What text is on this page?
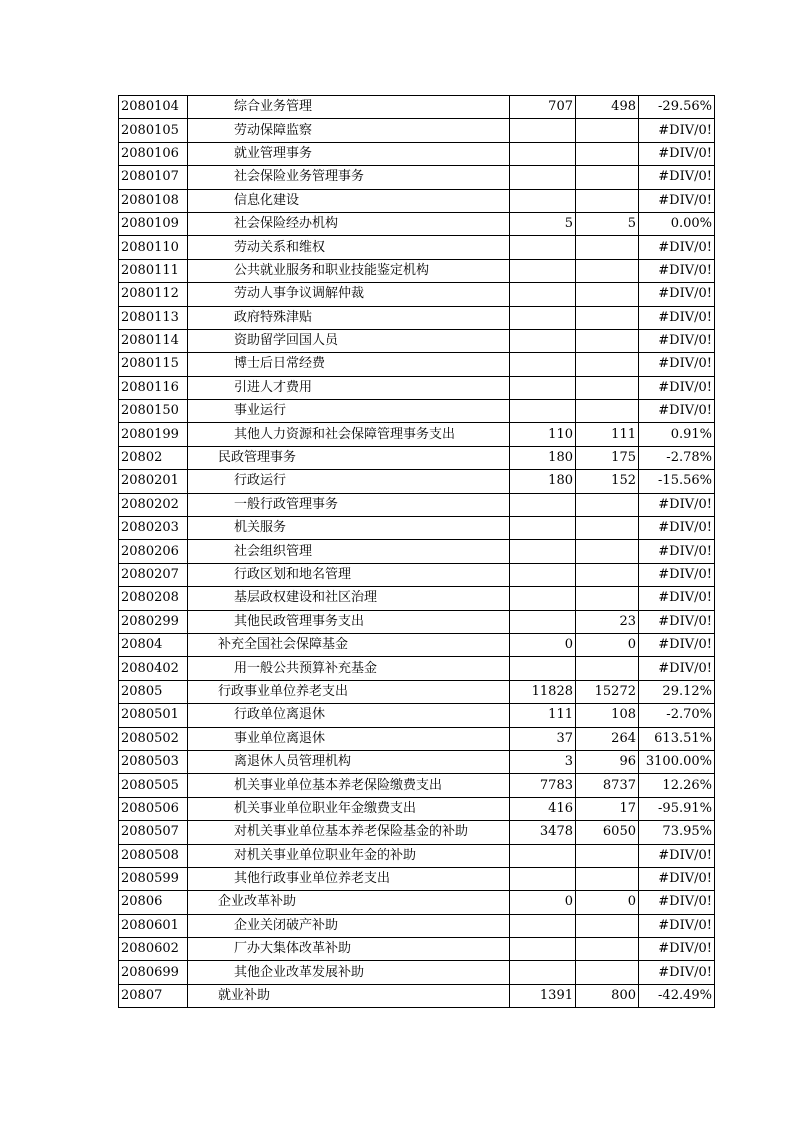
2080104	综合业务管理	707	498	-29.56%
2080105	劳动保障监察			#DIV/0!
2080106	就业管理事务			#DIV/0!
2080107	社会保险业务管理事务			#DIV/0!
2080108	信息化建设			#DIV/0!
2080109	社会保险经办机构	5	5	0.00%
2080110	劳动关系和维权			#DIV/0!
2080111	公共就业服务和职业技能鉴定机构			#DIV/0!
2080112	劳动人事争议调解仲裁			#DIV/0!
2080113	政府特殊津贴			#DIV/0!
2080114	资助留学回国人员			#DIV/0!
2080115	博士后日常经费			#DIV/0!
2080116	引进人才费用			#DIV/0!
2080150	事业运行			#DIV/0!
2080199	其他人力资源和社会保障管理事务支出	110	111	0.91%
20802	民政管理事务	180	175	-2.78%
2080201	行政运行	180	152	-15.56%
2080202	一般行政管理事务			#DIV/0!
2080203	机关服务			#DIV/0!
2080206	社会组织管理			#DIV/0!
2080207	行政区划和地名管理			#DIV/0!
2080208	基层政权建设和社区治理			#DIV/0!
2080299	其他民政管理事务支出		23	#DIV/0!
20804	补充全国社会保障基金	0	0	#DIV/0!
2080402	用一般公共预算补充基金			#DIV/0!
20805	行政事业单位养老支出	11828	15272	29.12%
2080501	行政单位离退休	111	108	-2.70%
2080502	事业单位离退休	37	264	613.51%
2080503	离退休人员管理机构	3	96	3100.00%
2080505	机关事业单位基本养老保险缴费支出	7783	8737	12.26%
2080506	机关事业单位职业年金缴费支出	416	17	-95.91%
2080507	对机关事业单位基本养老保险基金的补助	3478	6050	73.95%
2080508	对机关事业单位职业年金的补助			#DIV/0!
2080599	其他行政事业单位养老支出			#DIV/0!
20806	企业改革补助	0	0	#DIV/0!
2080601	企业关闭破产补助			#DIV/0!
2080602	厂办大集体改革补助			#DIV/0!
2080699	其他企业改革发展补助			#DIV/0!
20807	就业补助	1391	800	-42.49%
